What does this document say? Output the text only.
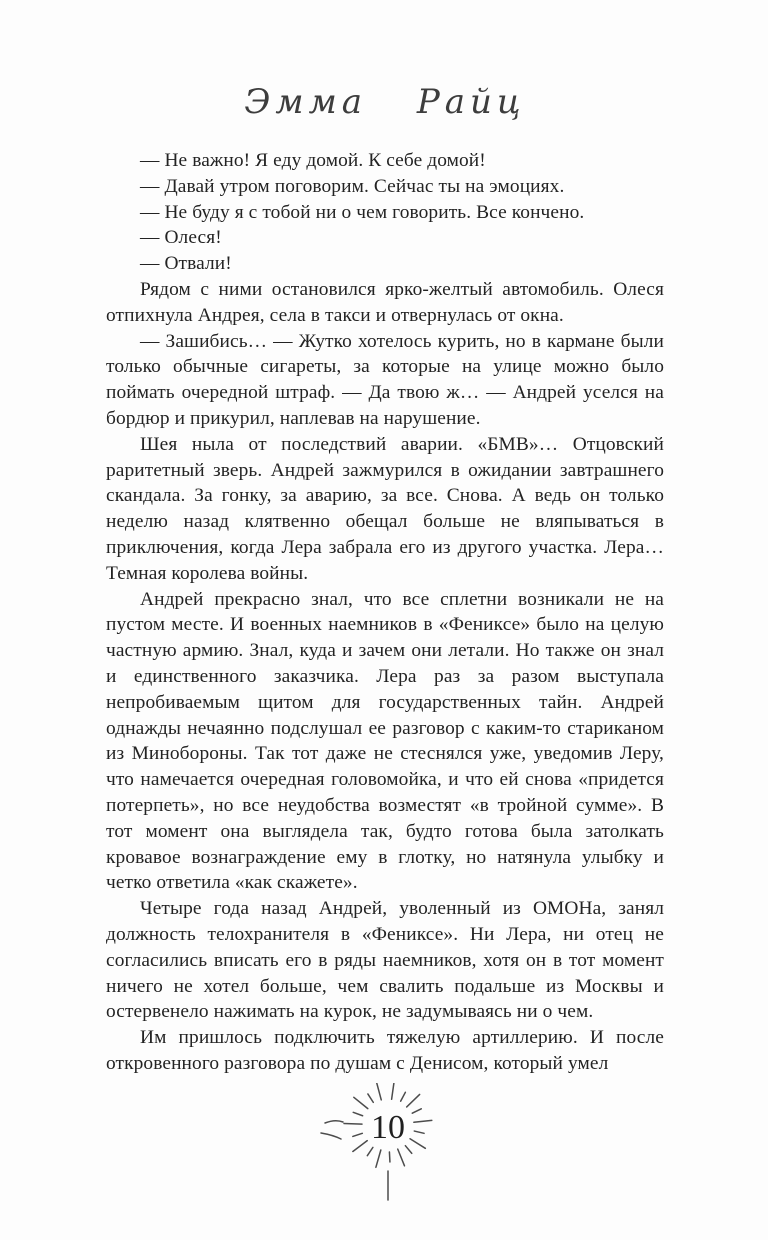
Эмма Райц

— Не важно! Я еду домой. К себе домой!

— Давай утром поговорим. Сейчас ты на эмоциях.

— Не буду я с тобой ни о чем говорить. Все кончено.

— Олеся!

— Отвали!

Рядом с ними остановился ярко-желтый автомобиль. Олеся отпихнула Андрея, села в такси и отвернулась от окна.

— Зашибись… — Жутко хотелось курить, но в кармане были только обычные сигареты, за которые на улице можно было поймать очередной штраф. — Да твою ж… — Андрей уселся на бордюр и прикурил, наплевав на нарушение.

Шея ныла от последствий аварии. «БМВ»… Отцовский раритетный зверь. Андрей зажмурился в ожидании завтрашнего скандала. За гонку, за аварию, за все. Снова. А ведь он только неделю назад клятвенно обещал больше не вляпываться в приключения, когда Лера забрала его из другого участка. Лера… Темная королева войны.

Андрей прекрасно знал, что все сплетни возникали не на пустом месте. И военных наемников в «Фениксе» было на целую частную армию. Знал, куда и зачем они летали. Но также он знал и единственного заказчика. Лера раз за разом выступала непробиваемым щитом для государственных тайн. Андрей однажды нечаянно подслушал ее разговор с каким-то стариканом из Минобороны. Так тот даже не стеснялся уже, уведомив Леру, что намечается очередная головомойка, и что ей снова «придется потерпеть», но все неудобства возместят «в тройной сумме». В тот момент она выглядела так, будто готова была затолкать кровавое вознаграждение ему в глотку, но натянула улыбку и четко ответила «как скажете».

Четыре года назад Андрей, уволенный из ОМОНа, занял должность телохранителя в «Фениксе». Ни Лера, ни отец не согласились вписать его в ряды наемников, хотя он в тот момент ничего не хотел больше, чем свалить подальше из Москвы и остервенело нажимать на курок, не задумываясь ни о чем.

Им пришлось подключить тяжелую артиллерию. И после откровенного разговора по душам с Денисом, который умел

10
